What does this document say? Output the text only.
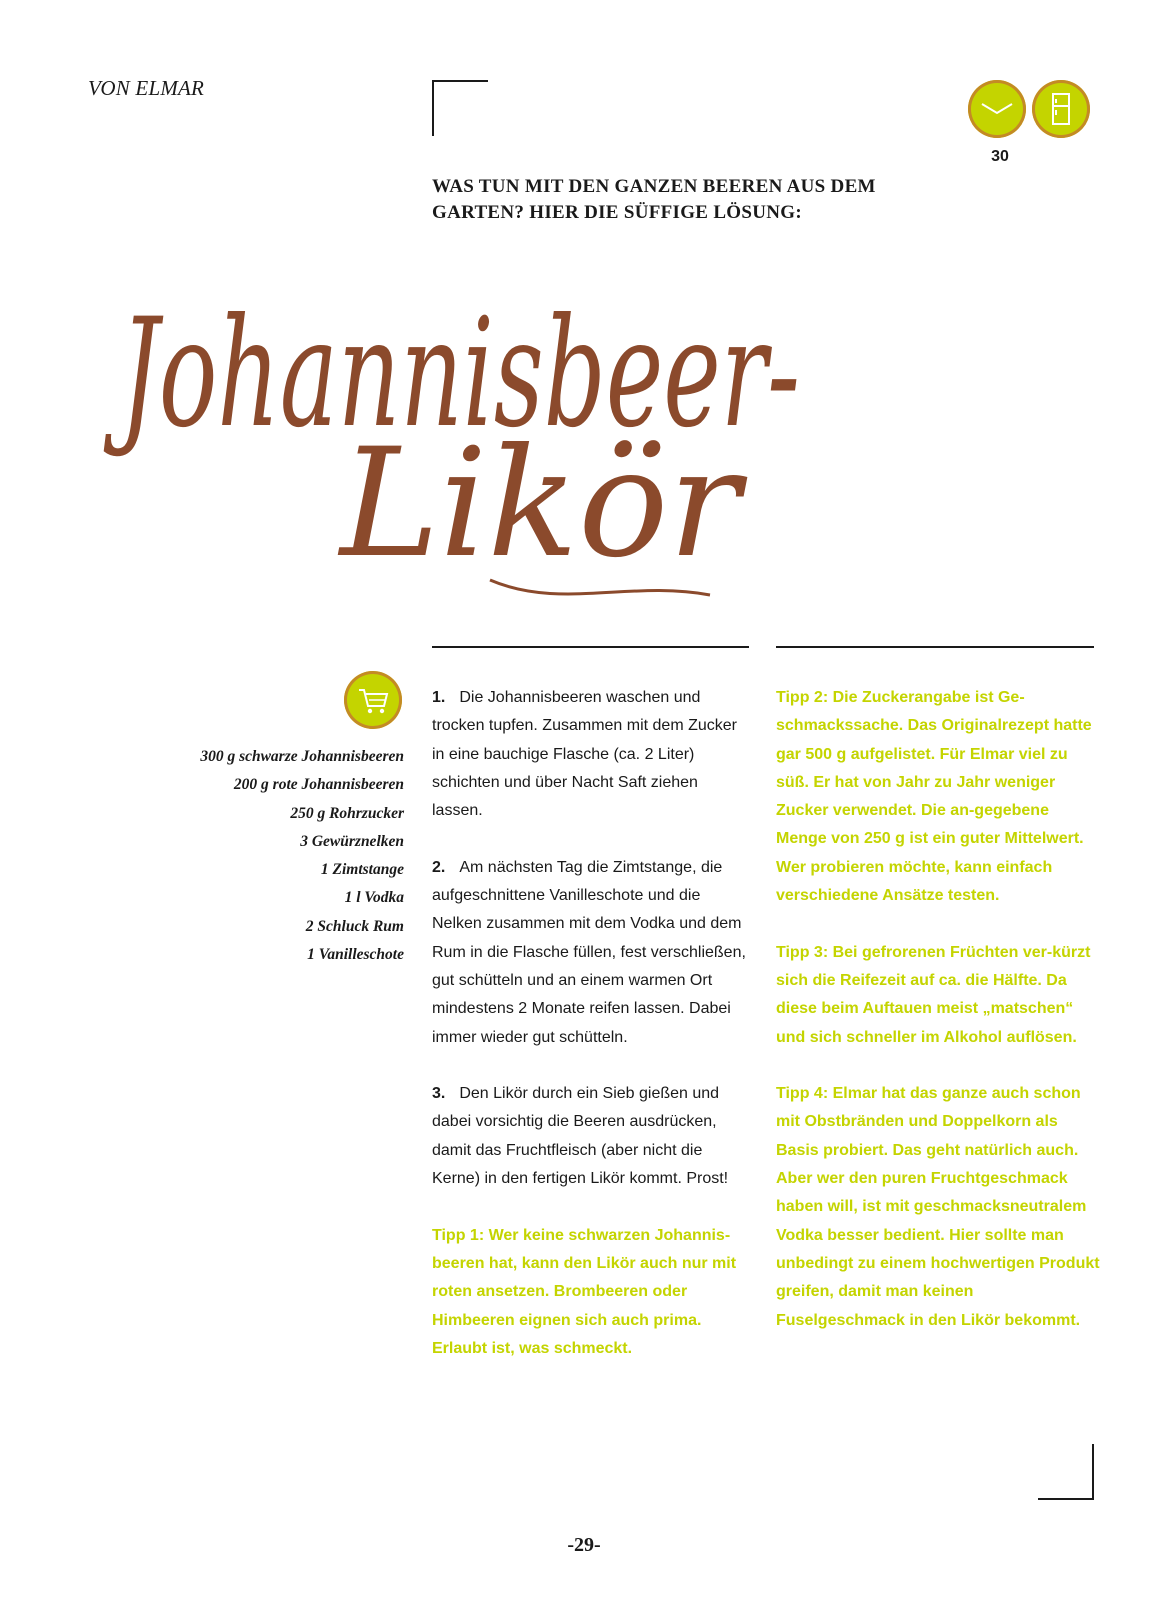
VON ELMAR
30
WAS TUN MIT DEN GANZEN BEEREN AUS DEM GARTEN? HIER DIE SÜFFIGE LÖSUNG:
Johannisbeer-
Likör
300 g schwarze Johannisbeeren
200 g rote Johannisbeeren
250 g Rohrzucker
3 Gewürznelken
1 Zimtstange
1 l Vodka
2 Schluck Rum
1 Vanilleschote

1. Die Johannisbeeren waschen und trocken tupfen. Zusammen mit dem Zucker in eine bauchige Flasche (ca. 2 Liter) schichten und über Nacht Saft ziehen lassen.

2. Am nächsten Tag die Zimtstange, die aufgeschnittene Vanilleschote und die Nelken zusammen mit dem Vodka und dem Rum in die Flasche füllen, fest verschließen, gut schütteln und an einem warmen Ort mindestens 2 Monate reifen lassen. Dabei immer wieder gut schütteln.

3. Den Likör durch ein Sieb gießen und dabei vorsichtig die Beeren ausdrücken, damit das Fruchtfleisch (aber nicht die Kerne) in den fertigen Likör kommt. Prost!

Tipp 1: Wer keine schwarzen Johannis-beeren hat, kann den Likör auch nur mit roten ansetzen. Brombeeren oder Himbeeren eignen sich auch prima. Erlaubt ist, was schmeckt.

Tipp 2: Die Zuckerangabe ist Ge-schmackssache. Das Originalrezept hatte gar 500 g aufgelistet. Für Elmar viel zu süß. Er hat von Jahr zu Jahr weniger Zucker verwendet. Die an-gegebene Menge von 250 g ist ein guter Mittelwert. Wer probieren möchte, kann einfach verschiedene Ansätze testen.

Tipp 3: Bei gefrorenen Früchten ver-kürzt sich die Reifezeit auf ca. die Hälfte. Da diese beim Auftauen meist „matschen“ und sich schneller im Alkohol auflösen.

Tipp 4: Elmar hat das ganze auch schon mit Obstbränden und Doppelkorn als Basis probiert. Das geht natürlich auch. Aber wer den puren Fruchtgeschmack haben will, ist mit geschmacksneutralem Vodka besser bedient. Hier sollte man unbedingt zu einem hochwertigen Produkt greifen, damit man keinen Fuselgeschmack in den Likör bekommt.

-29-
